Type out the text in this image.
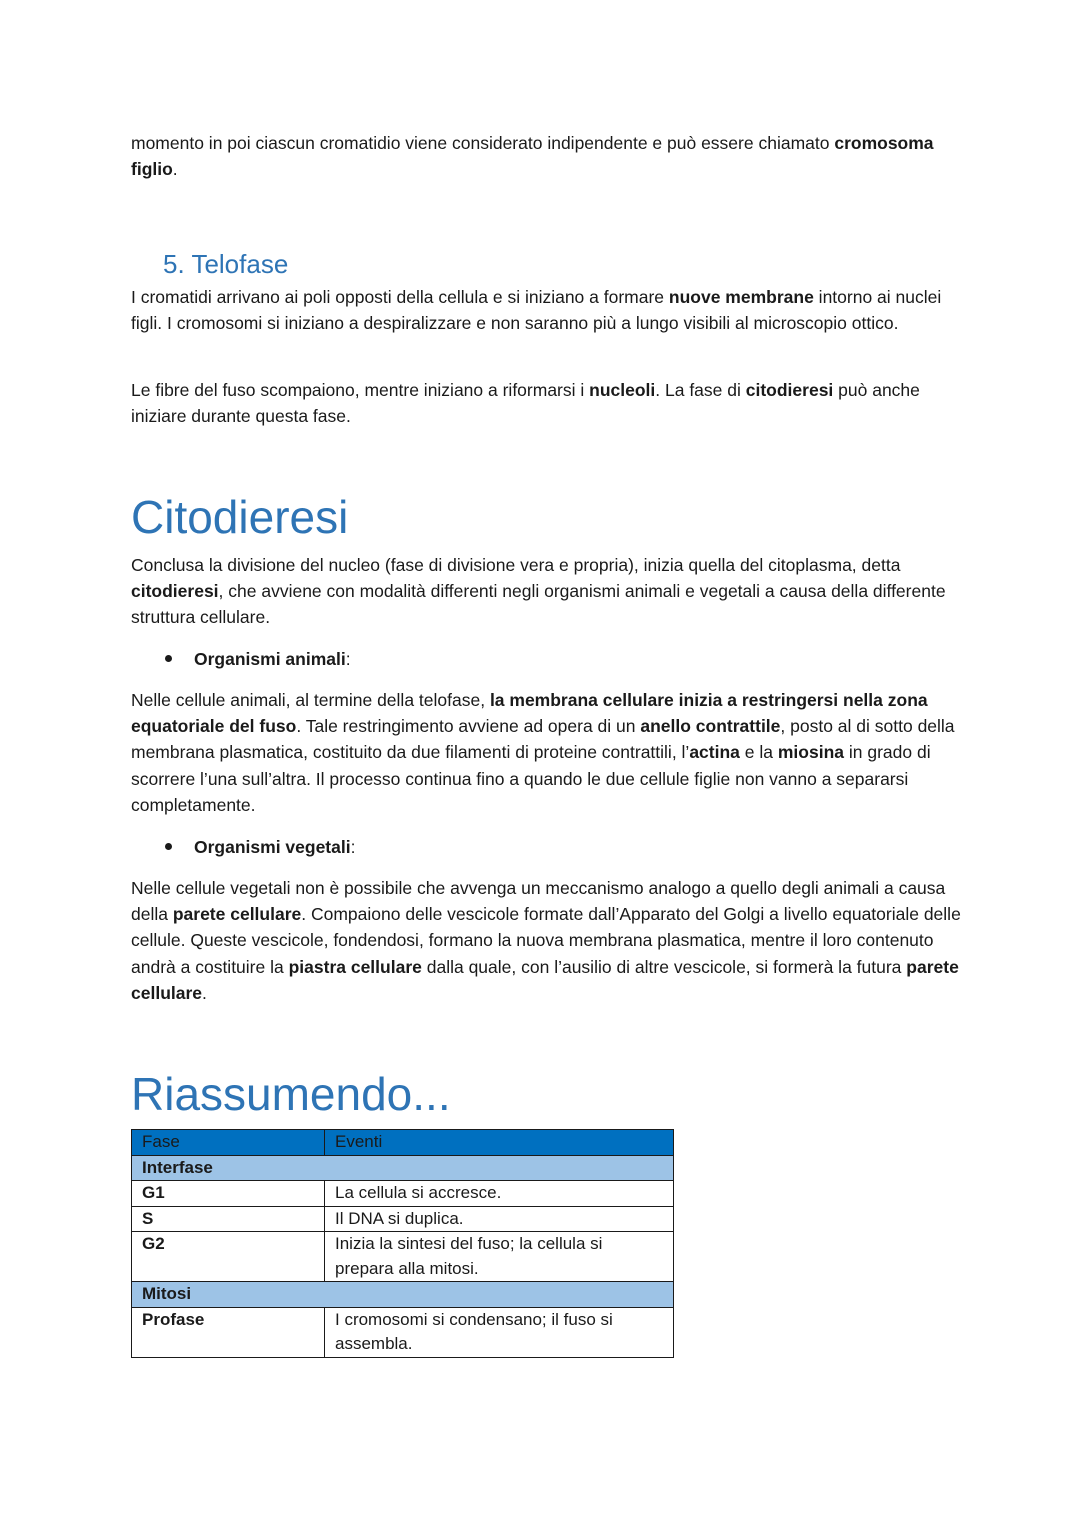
momento in poi ciascun cromatidio viene considerato indipendente e può essere chiamato cromosoma figlio.

5. Telofase

I cromatidi arrivano ai poli opposti della cellula e si iniziano a formare nuove membrane intorno ai nuclei figli. I cromosomi si iniziano a despiralizzare e non saranno più a lungo visibili al microscopio ottico.

Le fibre del fuso scompaiono, mentre iniziano a riformarsi i nucleoli. La fase di citodieresi può anche iniziare durante questa fase.

Citodieresi

Conclusa la divisione del nucleo (fase di divisione vera e propria), inizia quella del citoplasma, detta citodieresi, che avviene con modalità differenti negli organismi animali e vegetali a causa della differente struttura cellulare.

Organismi animali:

Nelle cellule animali, al termine della telofase, la membrana cellulare inizia a restringersi nella zona equatoriale del fuso. Tale restringimento avviene ad opera di un anello contrattile, posto al di sotto della membrana plasmatica, costituito da due filamenti di proteine contrattili, l’actina e la miosina in grado di scorrere l’una sull’altra. Il processo continua fino a quando le due cellule figlie non vanno a separarsi completamente.

Organismi vegetali:

Nelle cellule vegetali non è possibile che avvenga un meccanismo analogo a quello degli animali a causa della parete cellulare. Compaiono delle vescicole formate dall’Apparato del Golgi a livello equatoriale delle cellule. Queste vescicole, fondendosi, formano la nuova membrana plasmatica, mentre il loro contenuto andrà a costituire la piastra cellulare dalla quale, con l’ausilio di altre vescicole, si formerà la futura parete cellulare.

Riassumendo...
Fase	Eventi
Interfase	
G1	La cellula si accresce.
S	Il DNA si duplica.
G2	Inizia la sintesi del fuso; la cellula si prepara alla mitosi.
Mitosi	
Profase	I cromosomi si condensano; il fuso si assembla.
